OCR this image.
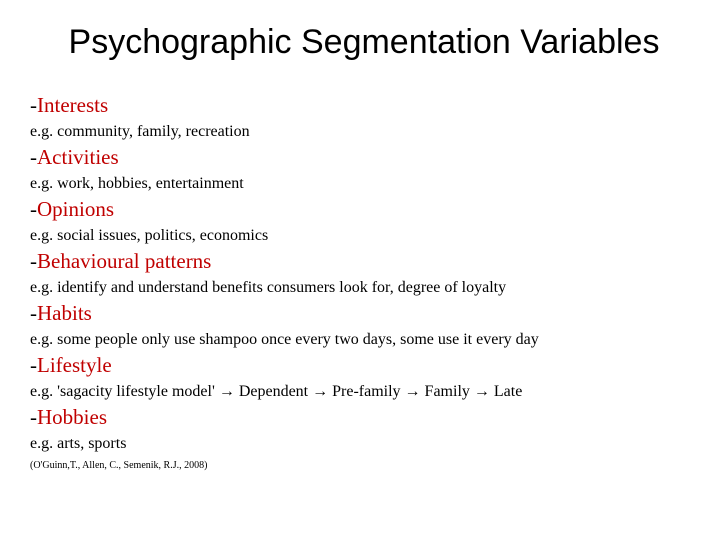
Psychographic Segmentation Variables
-Interests
e.g. community, family, recreation
-Activities
e.g. work, hobbies, entertainment
-Opinions
e.g. social issues, politics, economics
-Behavioural patterns
e.g. identify and understand benefits consumers look for, degree of loyalty
-Habits
e.g. some people only use shampoo once every two days, some use it every day
-Lifestyle
e.g. 'sagacity lifestyle model' → Dependent → Pre-family → Family → Late
-Hobbies
e.g. arts, sports
(O'Guinn,T., Allen, C., Semenik, R.J., 2008)
